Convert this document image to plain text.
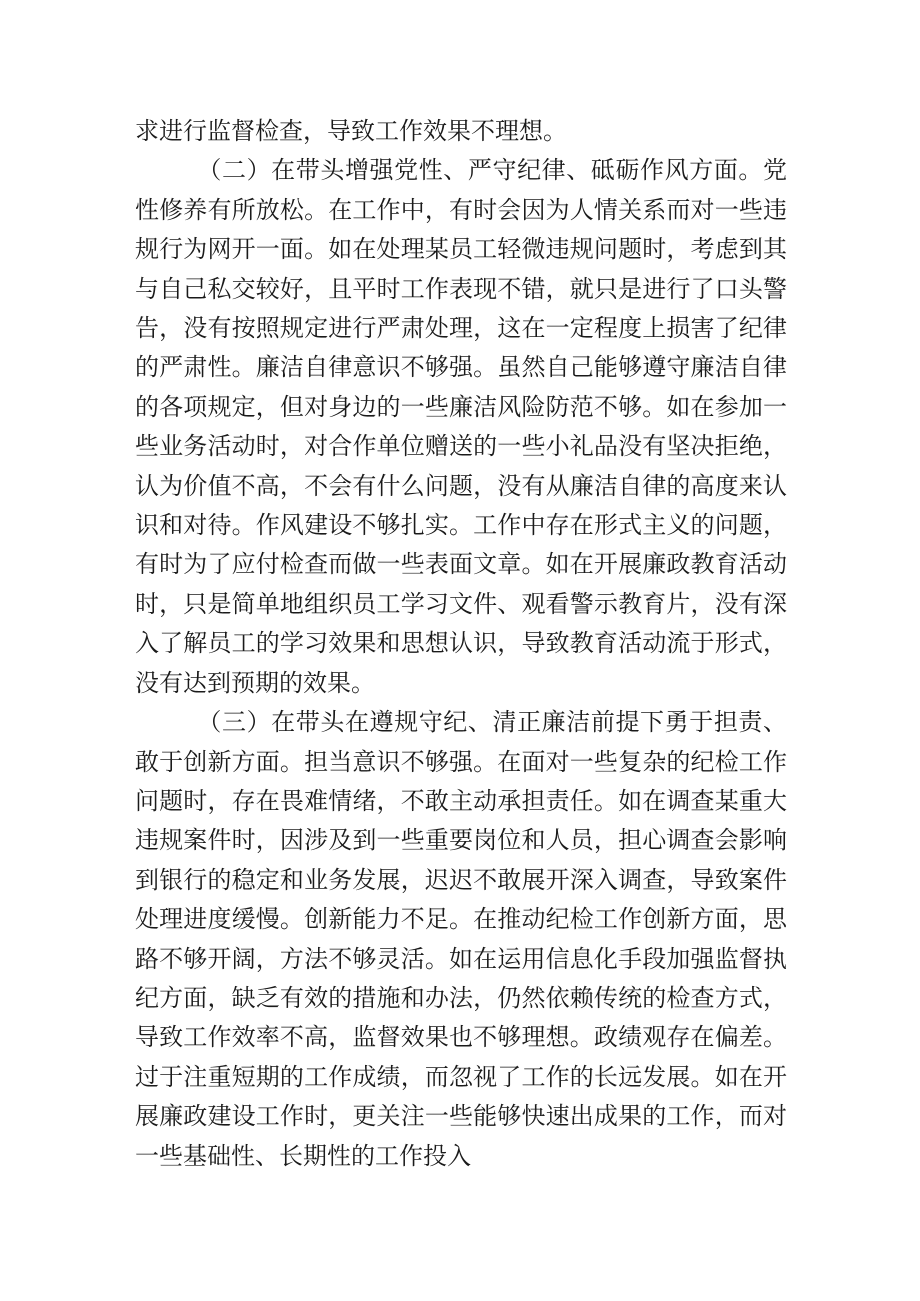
求进行监督检查，导致工作效果不理想。

（二）在带头增强党性、严守纪律、砥砺作风方面。党性修养有所放松。在工作中，有时会因为人情关系而对一些违规行为网开一面。如在处理某员工轻微违规问题时，考虑到其与自己私交较好，且平时工作表现不错，就只是进行了口头警告，没有按照规定进行严肃处理，这在一定程度上损害了纪律的严肃性。廉洁自律意识不够强。虽然自己能够遵守廉洁自律的各项规定，但对身边的一些廉洁风险防范不够。如在参加一些业务活动时，对合作单位赠送的一些小礼品没有坚决拒绝，认为价值不高，不会有什么问题，没有从廉洁自律的高度来认识和对待。作风建设不够扎实。工作中存在形式主义的问题，有时为了应付检查而做一些表面文章。如在开展廉政教育活动时，只是简单地组织员工学习文件、观看警示教育片，没有深入了解员工的学习效果和思想认识，导致教育活动流于形式，没有达到预期的效果。

（三）在带头在遵规守纪、清正廉洁前提下勇于担责、敢于创新方面。担当意识不够强。在面对一些复杂的纪检工作问题时，存在畏难情绪，不敢主动承担责任。如在调查某重大违规案件时，因涉及到一些重要岗位和人员，担心调查会影响到银行的稳定和业务发展，迟迟不敢展开深入调查，导致案件处理进度缓慢。创新能力不足。在推动纪检工作创新方面，思路不够开阔，方法不够灵活。如在运用信息化手段加强监督执纪方面，缺乏有效的措施和办法，仍然依赖传统的检查方式，导致工作效率不高，监督效果也不够理想。政绩观存在偏差。过于注重短期的工作成绩，而忽视了工作的长远发展。如在开展廉政建设工作时，更关注一些能够快速出成果的工作，而对一些基础性、长期性的工作投入
